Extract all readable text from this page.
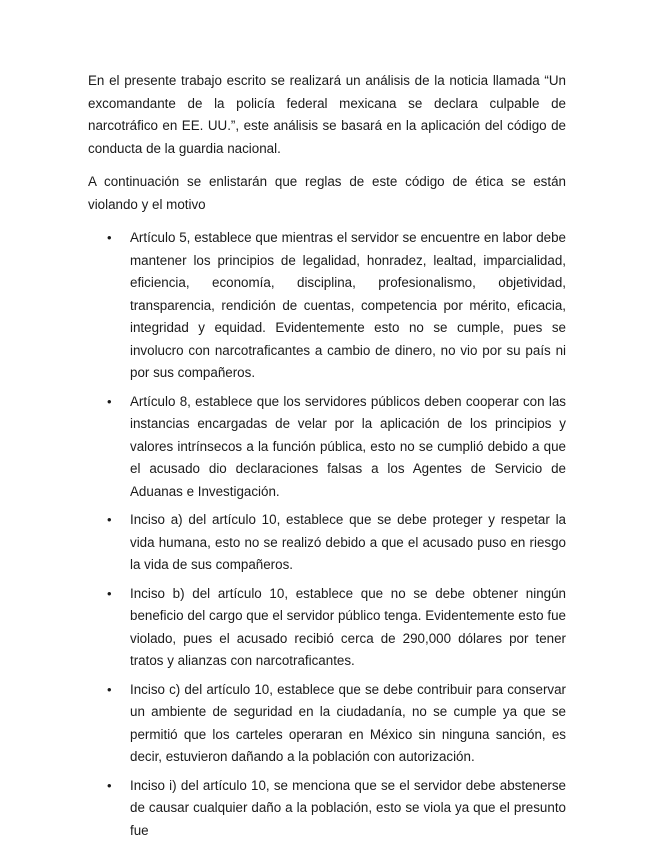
En el presente trabajo escrito se realizará un análisis de la noticia llamada “Un excomandante de la policía federal mexicana se declara culpable de narcotráfico en EE. UU.”, este análisis se basará en la aplicación del código de conducta de la guardia nacional.

A continuación se enlistarán que reglas de este código de ética se están violando y el motivo

• Artículo 5, establece que mientras el servidor se encuentre en labor debe mantener los principios de legalidad, honradez, lealtad, imparcialidad, eficiencia, economía, disciplina, profesionalismo, objetividad, transparencia, rendición de cuentas, competencia por mérito, eficacia, integridad y equidad. Evidentemente esto no se cumple, pues se involucro con narcotraficantes a cambio de dinero, no vio por su país ni por sus compañeros.
• Artículo 8, establece que los servidores públicos deben cooperar con las instancias encargadas de velar por la aplicación de los principios y valores intrínsecos a la función pública, esto no se cumplió debido a que el acusado dio declaraciones falsas a los Agentes de Servicio de Aduanas e Investigación.
• Inciso a) del artículo 10, establece que se debe proteger y respetar la vida humana, esto no se realizó debido a que el acusado puso en riesgo la vida de sus compañeros.
• Inciso b) del artículo 10, establece que no se debe obtener ningún beneficio del cargo que el servidor público tenga. Evidentemente esto fue violado, pues el acusado recibió cerca de 290,000 dólares por tener tratos y alianzas con narcotraficantes.
• Inciso c) del artículo 10, establece que se debe contribuir para conservar un ambiente de seguridad en la ciudadanía, no se cumple ya que se permitió que los carteles operaran en México sin ninguna sanción, es decir, estuvieron dañando a la población con autorización.
• Inciso i) del artículo 10, se menciona que se el servidor debe abstenerse de causar cualquier daño a la población, esto se viola ya que el presunto fue
